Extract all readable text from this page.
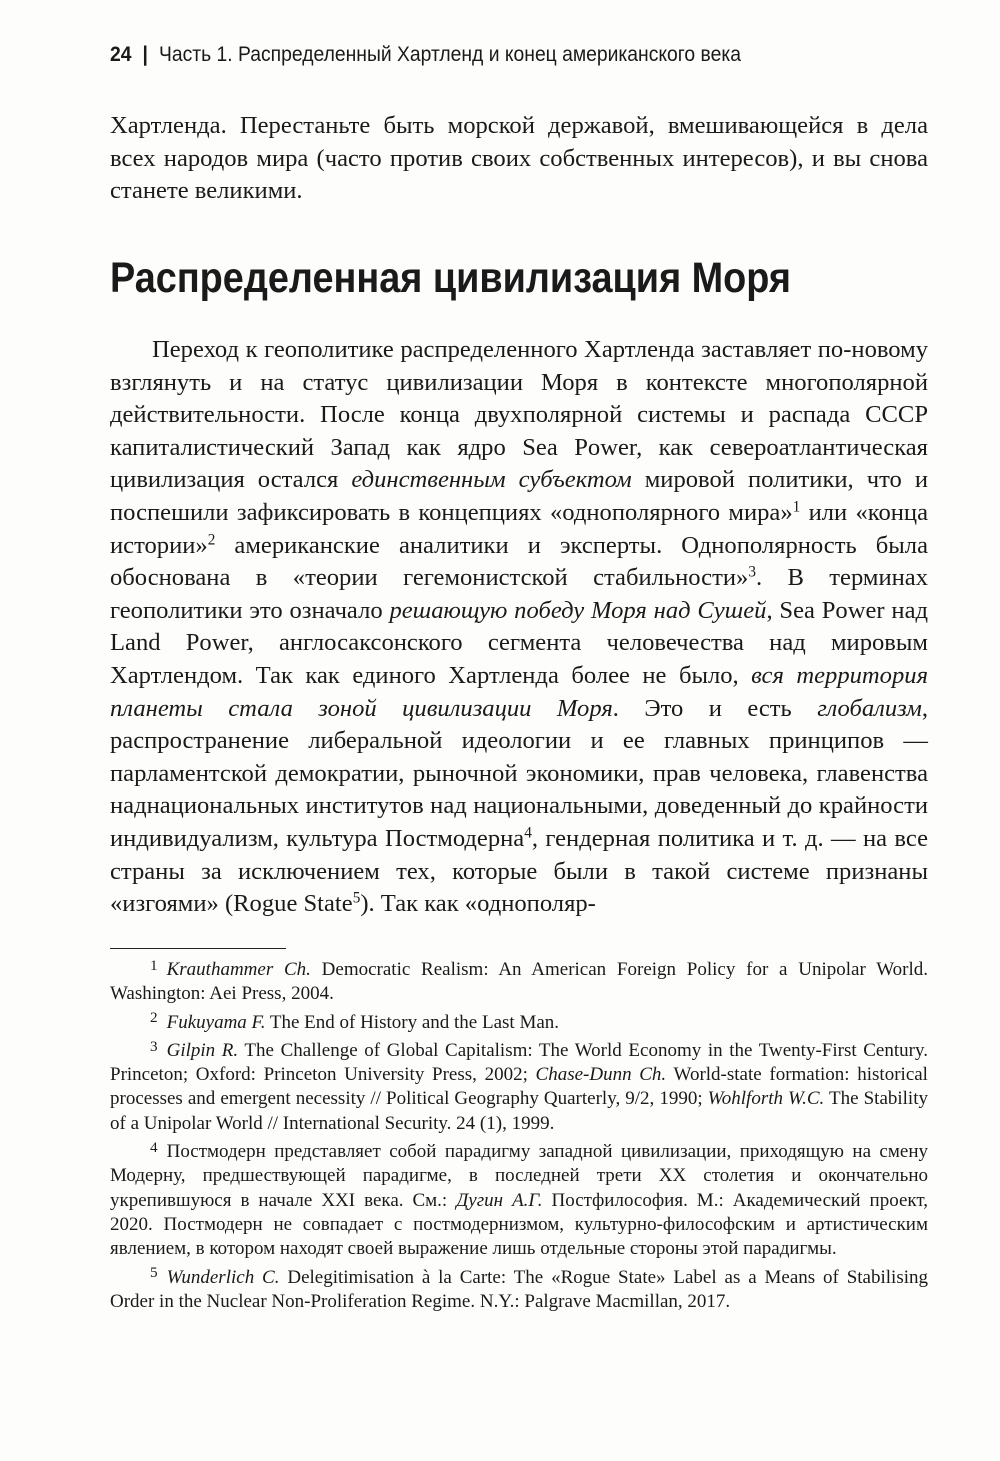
24 | Часть 1. Распределенный Хартленд и конец американского века

Хартленда. Перестаньте быть морской державой, вмешивающейся в дела всех народов мира (часто против своих собственных интересов), и вы снова станете великими.

Распределенная цивилизация Моря

Переход к геополитике распределенного Хартленда заставляет по-новому взглянуть и на статус цивилизации Моря в контексте многополярной действительности. После конца двухполярной системы и распада СССР капиталистический Запад как ядро Sea Power, как североатлантическая цивилизация остался единственным субъектом мировой политики, что и поспешили зафиксировать в концепциях «однополярного мира»$^1$ или «конца истории»$^2$ американские аналитики и эксперты. Однополярность была обоснована в «теории гегемонистской стабильности»$^3$. В терминах геополитики это означало решающую победу Моря над Сушей, Sea Power над Land Power, англосаксонского сегмента человечества над мировым Хартлендом. Так как единого Хартленда более не было, вся территория планеты стала зоной цивилизации Моря. Это и есть глобализм, распространение либеральной идеологии и ее главных принципов — парламентской демократии, рыночной экономики, прав человека, главенства наднациональных институтов над национальными, доведенный до крайности индивидуализм, культура Постмодерна$^4$, гендерная политика и т. д. — на все страны за исключением тех, которые были в такой системе признаны «изгоями» (Rogue State$^5$). Так как «однополяр-

$^1$ Krauthammer Ch. Democratic Realism: An American Foreign Policy for a Unipolar World. Washington: Aei Press, 2004.

$^2$ Fukuyama F. The End of History and the Last Man.

$^3$ Gilpin R. The Challenge of Global Capitalism: The World Economy in the Twenty-First Century. Princeton; Oxford: Princeton University Press, 2002; Chase-Dunn Ch. World-state formation: historical processes and emergent necessity // Political Geography Quarterly, 9/2, 1990; Wohlforth W.C. The Stability of a Unipolar World // International Security. 24 (1), 1999.

$^4$ Постмодерн представляет собой парадигму западной цивилизации, приходящую на смену Модерну, предшествующей парадигме, в последней трети XX столетия и окончательно укрепившуюся в начале XXI века. См.: Дугин А.Г. Постфилософия. М.: Академический проект, 2020. Постмодерн не совпадает с постмодернизмом, культурно-философским и артистическим явлением, в котором находят своей выражение лишь отдельные стороны этой парадигмы.

$^5$ Wunderlich C. Delegitimisation à la Carte: The «Rogue State» Label as a Means of Stabilising Order in the Nuclear Non-Proliferation Regime. N.Y.: Palgrave Macmillan, 2017.
